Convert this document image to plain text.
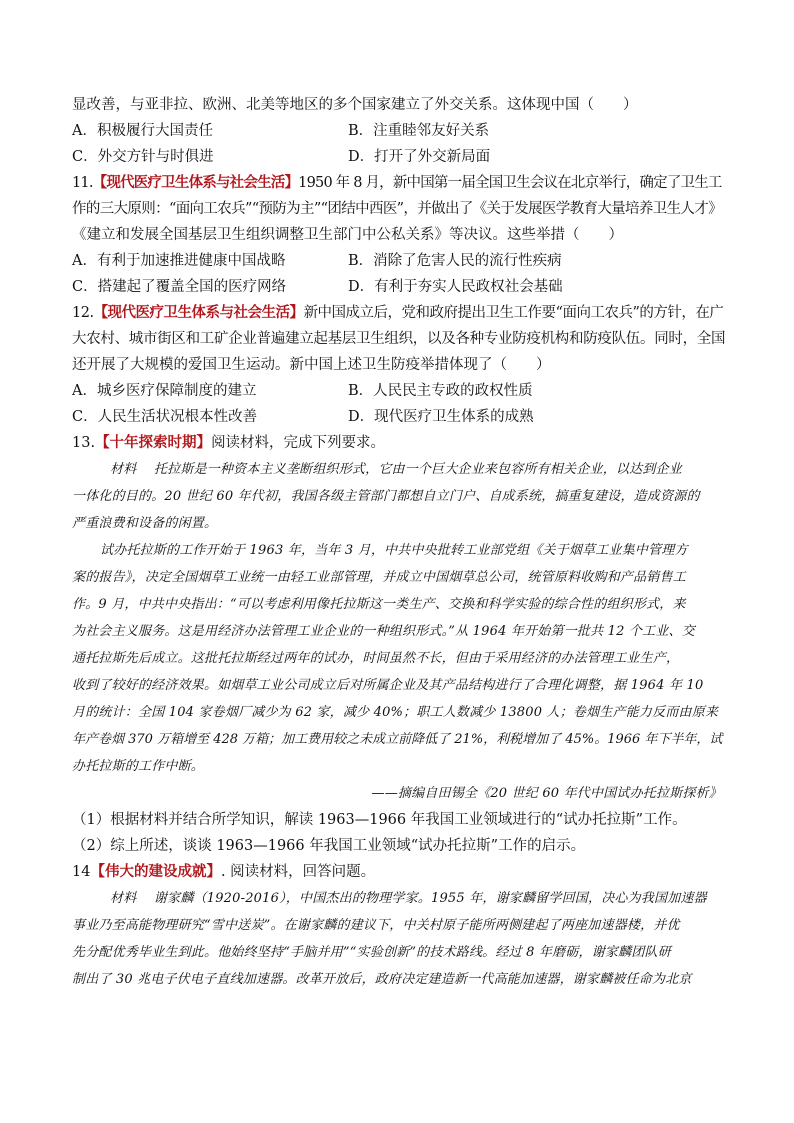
显改善，与亚非拉、欧洲、北美等地区的多个国家建立了外交关系。这体现中国（　　）
A．积极履行大国责任	B．注重睦邻友好关系
C．外交方针与时俱进	D．打开了外交新局面
11.【现代医疗卫生体系与社会生活】1950 年 8 月，新中国第一届全国卫生会议在北京举行，确定了卫生工
作的三大原则：“面向工农兵”“预防为主”“团结中西医”，并做出了《关于发展医学教育大量培养卫生人才》
《建立和发展全国基层卫生组织调整卫生部门中公私关系》等决议。这些举措（　　）
A．有利于加速推进健康中国战略	B．消除了危害人民的流行性疾病
C．搭建起了覆盖全国的医疗网络	D．有利于夯实人民政权社会基础
12.【现代医疗卫生体系与社会生活】新中国成立后，党和政府提出卫生工作要“面向工农兵”的方针，在广
大农村、城市街区和工矿企业普遍建立起基层卫生组织，以及各种专业防疫机构和防疫队伍。同时，全国
还开展了大规模的爱国卫生运动。新中国上述卫生防疫举措体现了（　　）
A．城乡医疗保障制度的建立	B．人民民主专政的政权性质
C．人民生活状况根本性改善	D．现代医疗卫生体系的成熟
13.【十年探索时期】阅读材料，完成下列要求。
材料　 托拉斯是一种资本主义垄断组织形式，它由一个巨大企业来包容所有相关企业，以达到企业
一体化的目的。20 世纪 60 年代初，我国各级主管部门都想自立门户、自成系统，搞重复建设，造成资源的
严重浪费和设备的闲置。
试办托拉斯的工作开始于 1963 年，当年 3 月，中共中央批转工业部党组《关于烟草工业集中管理方
案的报告》，决定全国烟草工业统一由轻工业部管理，并成立中国烟草总公司，统管原料收购和产品销售工
作。9 月，中共中央指出：“可以考虑利用像托拉斯这一类生产、交换和科学实验的综合性的组织形式，来
为社会主义服务。这是用经济办法管理工业企业的一种组织形式。”从 1964 年开始第一批共 12 个工业、交
通托拉斯先后成立。这批托拉斯经过两年的试办，时间虽然不长，但由于采用经济的办法管理工业生产，
收到了较好的经济效果。如烟草工业公司成立后对所属企业及其产品结构进行了合理化调整，据 1964 年 10
月的统计：全国 104 家卷烟厂减少为 62 家，减少 40%；职工人数减少 13800 人；卷烟生产能力反而由原来
年产卷烟 370 万箱增至 428 万箱；加工费用较之未成立前降低了 21%，利税增加了 45%。1966 年下半年，试
办托拉斯的工作中断。
——摘编自田锡全《20 世纪 60 年代中国试办托拉斯探析》
（1）根据材料并结合所学知识，解读 1963—1966 年我国工业领域进行的“试办托拉斯”工作。
（2）综上所述，谈谈 1963—1966 年我国工业领域“试办托拉斯”工作的启示。
14【伟大的建设成就】. 阅读材料，回答问题。
材料　 谢家麟（1920-2016），中国杰出的物理学家。1955 年，谢家麟留学回国，决心为我国加速器
事业乃至高能物理研究“雪中送炭”。在谢家麟的建议下，中关村原子能所两侧建起了两座加速器楼，并优
先分配优秀毕业生到此。他始终坚持“手脑并用”“实验创新”的技术路线。经过 8 年磨砺，谢家麟团队研
制出了 30 兆电子伏电子直线加速器。改革开放后，政府决定建造新一代高能加速器，谢家麟被任命为北京
